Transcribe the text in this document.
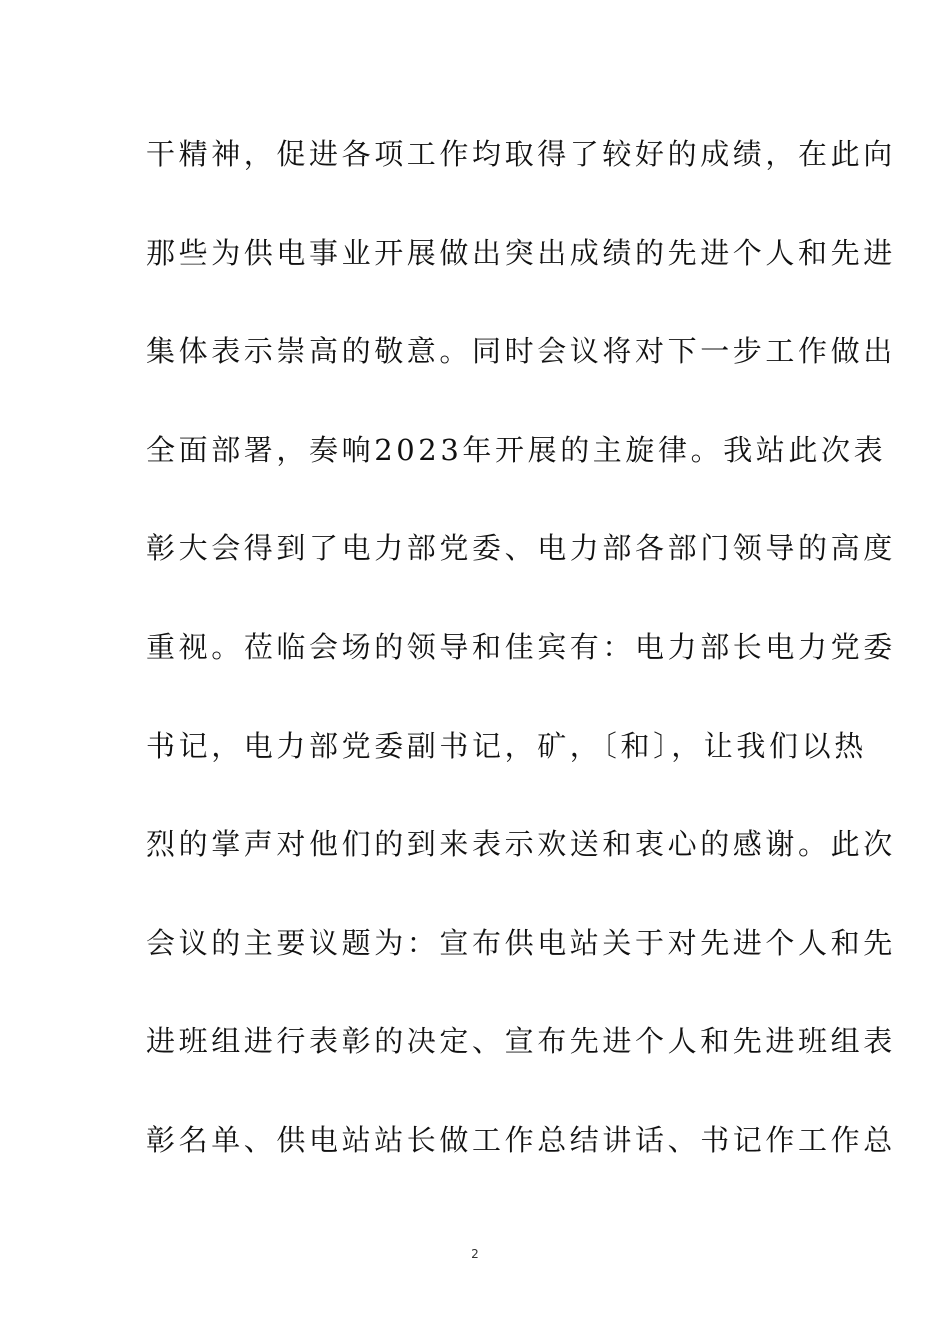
干精神，促进各项工作均取得了较好的成绩，在此向
那些为供电事业开展做出突出成绩的先进个人和先进
集体表示崇高的敬意。同时会议将对下一步工作做出
全面部署，奏响2023年开展的主旋律。我站此次表
彰大会得到了电力部党委、电力部各部门领导的高度
重视。莅临会场的领导和佳宾有：电力部长电力党委
书记，电力部党委副书记，矿，〔和〕，让我们以热
烈的掌声对他们的到来表示欢送和衷心的感谢。此次
会议的主要议题为：宣布供电站关于对先进个人和先
进班组进行表彰的决定、宣布先进个人和先进班组表
彰名单、供电站站长做工作总结讲话、书记作工作总
2
